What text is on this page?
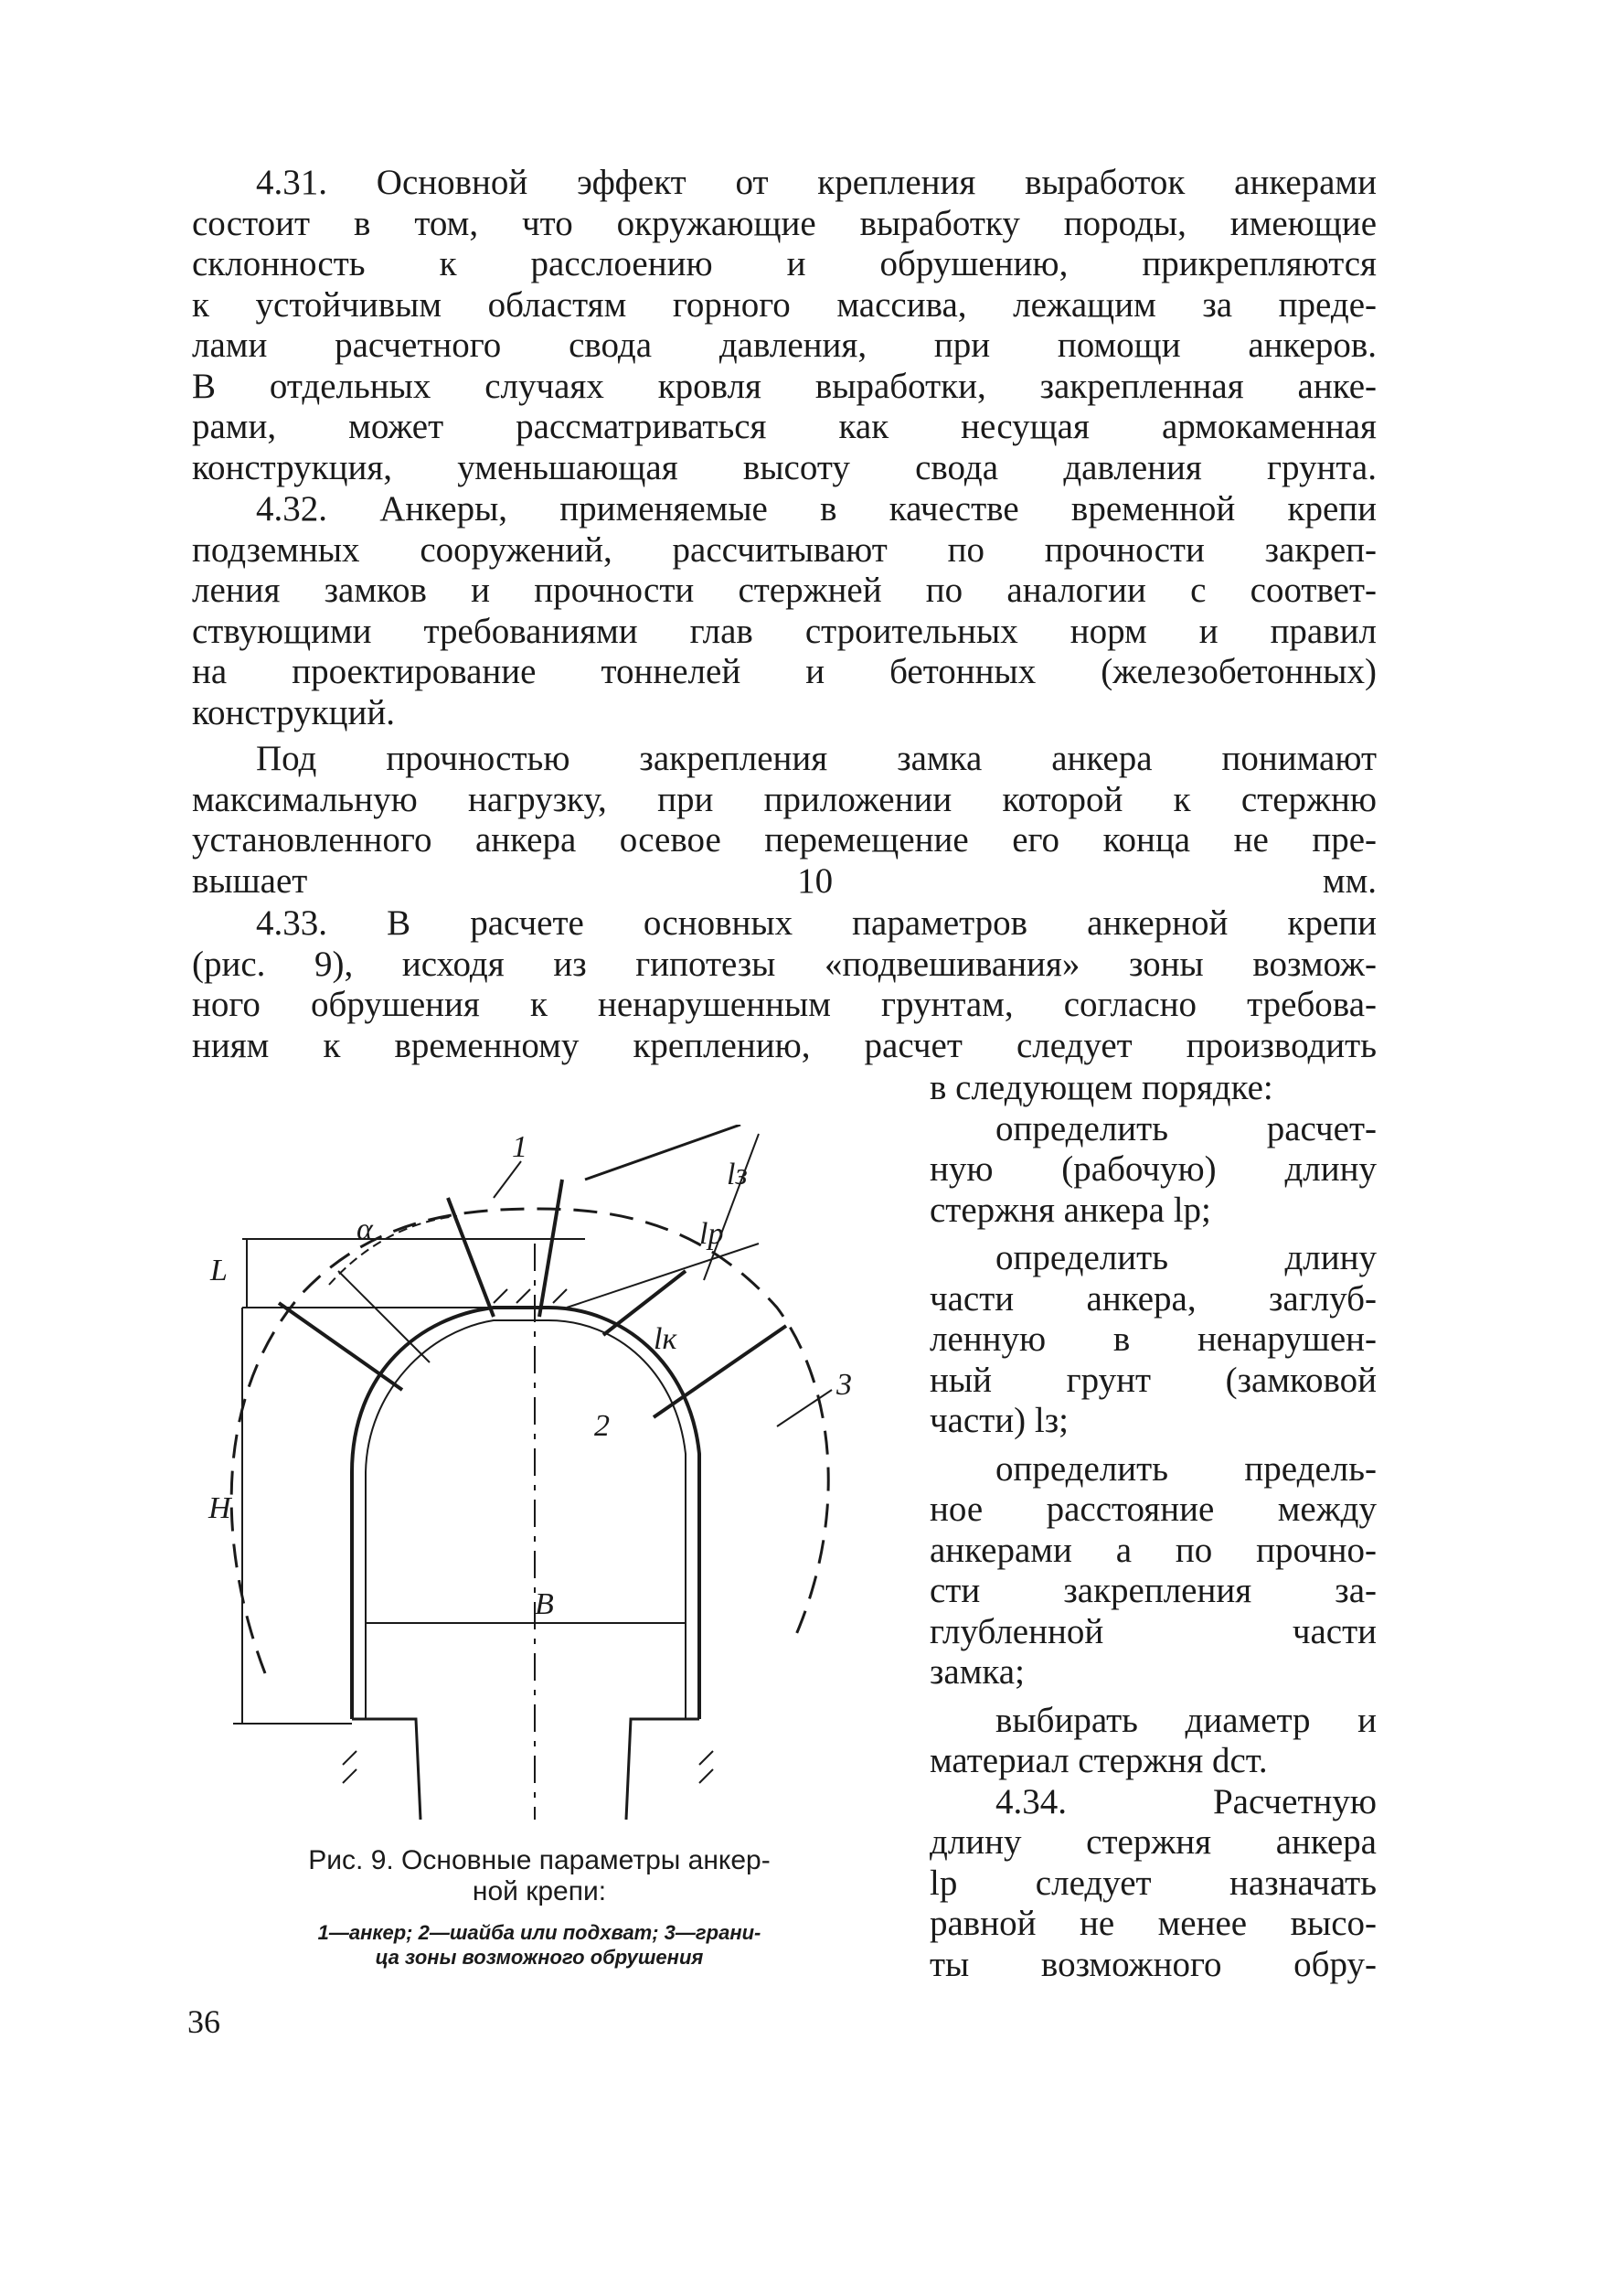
4.31. Основной эффект от крепления выработок анкерами
состоит в том, что окружающие выработку породы, имеющие
склонность к расслоению и обрушению, прикрепляются
к устойчивым областям горного массива, лежащим за преде-
лами расчетного свода давления, при помощи анкеров.
В отдельных случаях кровля выработки, закрепленная анке-
рами, может рассматриваться как несущая армокаменная
конструкция, уменьшающая высоту свода давления грунта.
4.32. Анкеры, применяемые в качестве временной крепи
подземных сооружений, рассчитывают по прочности закреп-
ления замков и прочности стержней по аналогии с соответ-
ствующими требованиями глав строительных норм и правил
на проектирование тоннелей и бетонных (железобетонных)
конструкций.
Под прочностью закрепления замка анкера понимают
максимальную нагрузку, при приложении которой к стержню
установленного анкера осевое перемещение его конца не пре-
вышает 10 мм.
4.33. В расчете основных параметров анкерной крепи
(рис. 9), исходя из гипотезы «подвешивания» зоны возмож-
ного обрушения к ненарушенным грунтам, согласно требова-
ниям к временному креплению, расчет следует производить
в следующем порядке:
определить расчет-
ную (рабочую) длину
стержня анкера lр;
определить длину
части анкера, заглуб-
ленную в ненарушен-
ный грунт (замковой
части) lз;
определить предель-
ное расстояние между
анкерами a по прочно-
сти закрепления за-
глубленной части
замка;
выбирать диаметр и
материал стержня dст.
4.34. Расчетную
длину стержня анкера
lр следует назначать
равной не менее высо-
ты возможного обру-
1
2
3
L
H
B
α
lз
lр
lк

Рис. 9. Основные параметры анкер-
ной крепи:

1—анкер; 2—шайба или подхват; 3—грани-
ца зоны возможного обрушения

36
